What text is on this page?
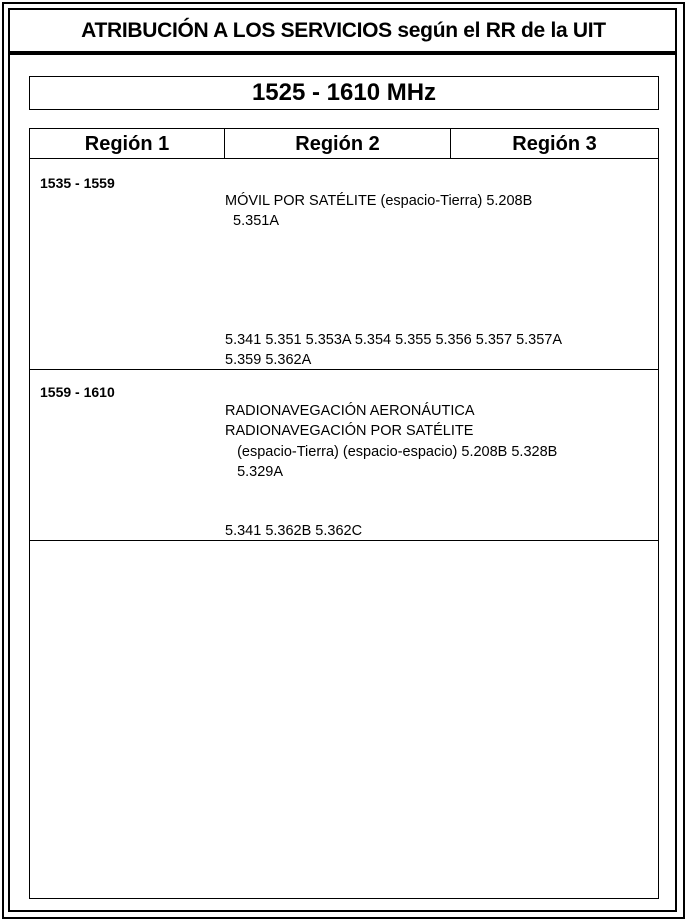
ATRIBUCIÓN A LOS SERVICIOS según el RR de la UIT
1525 - 1610 MHz
Región 1	Región 2	Región 3
1535 - 1559
MÓVIL POR SATÉLITE (espacio-Tierra) 5.208B
5.351A
5.341 5.351 5.353A 5.354 5.355 5.356 5.357 5.357A
5.359 5.362A
1559 - 1610
RADIONAVEGACIÓN AERONÁUTICA
RADIONAVEGACIÓN POR SATÉLITE
(espacio-Tierra) (espacio-espacio) 5.208B 5.328B
5.329A
5.341 5.362B 5.362C
